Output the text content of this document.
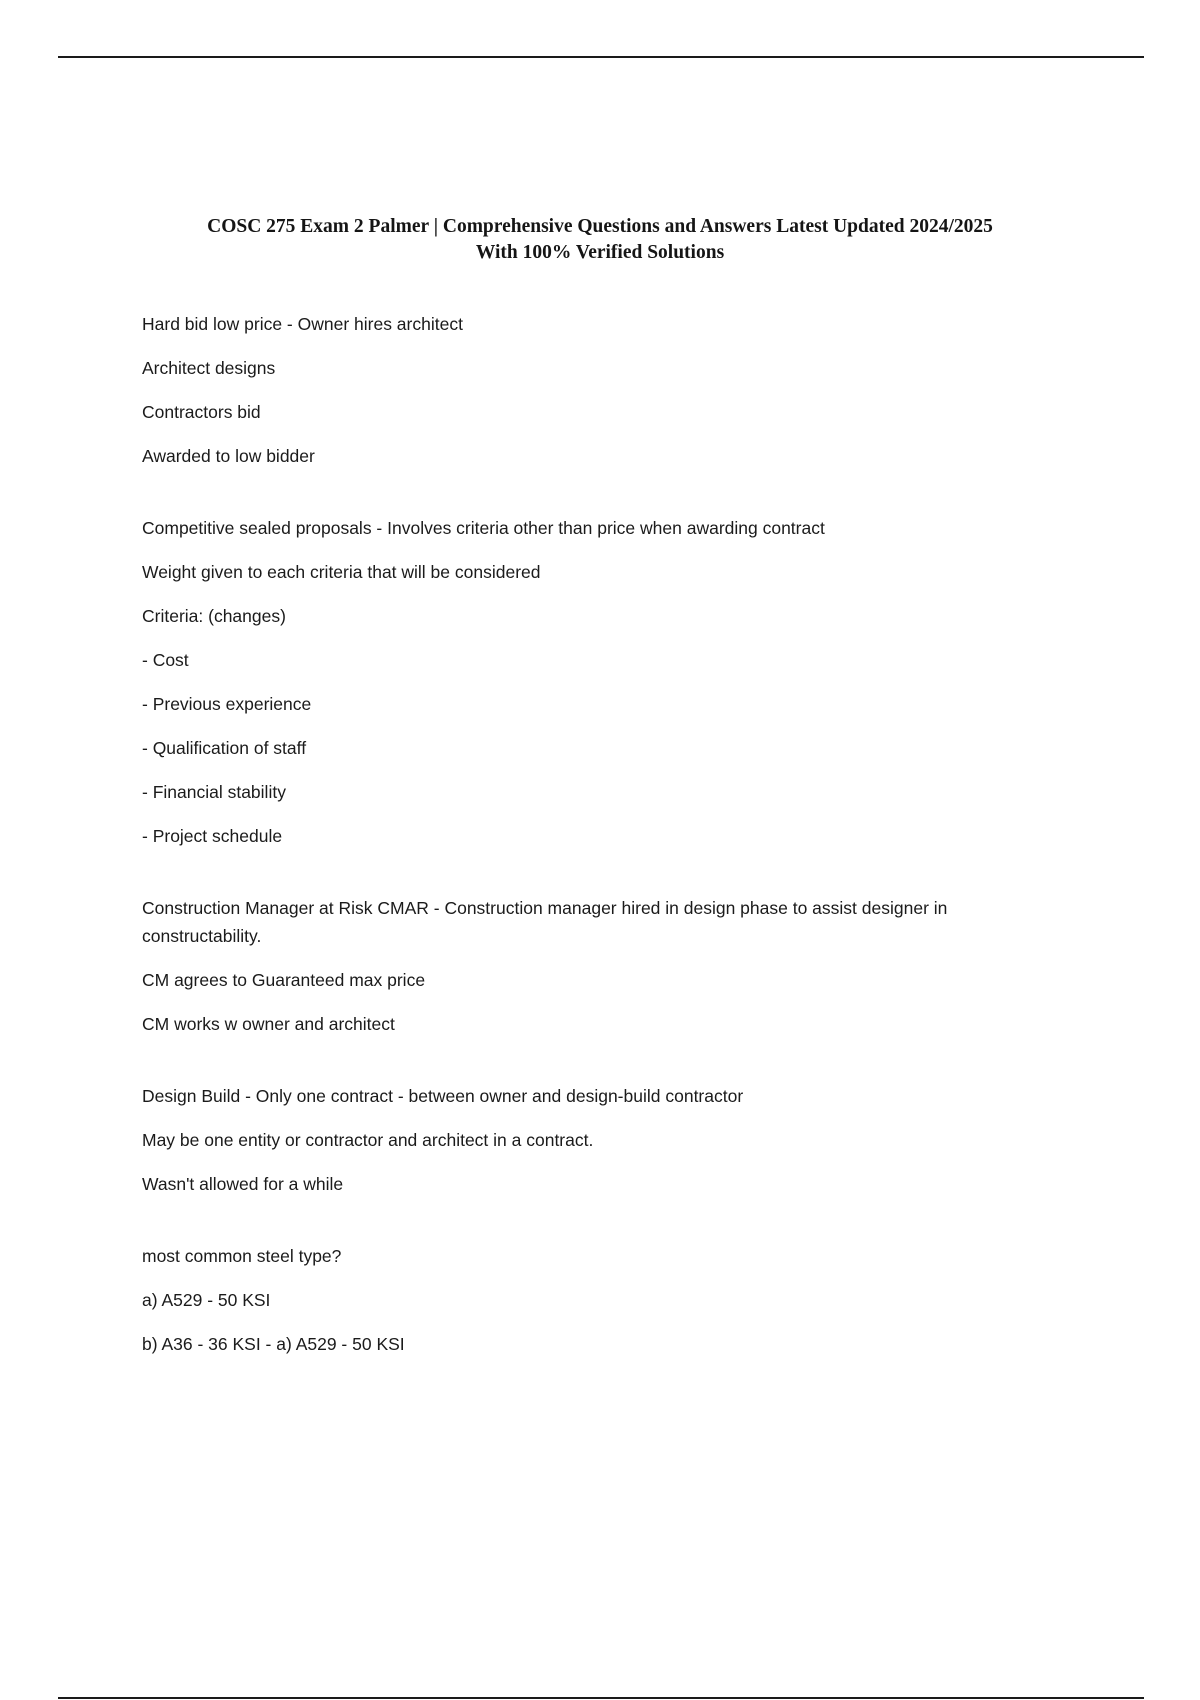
COSC 275 Exam 2 Palmer | Comprehensive Questions and Answers Latest Updated 2024/2025
With 100% Verified Solutions
Hard bid low price - Owner hires architect
Architect designs
Contractors bid
Awarded to low bidder
Competitive sealed proposals - Involves criteria other than price when awarding contract
Weight given to each criteria that will be considered
Criteria: (changes)
- Cost
- Previous experience
- Qualification of staff
- Financial stability
- Project schedule
Construction Manager at Risk CMAR - Construction manager hired in design phase to assist designer in constructability.
CM agrees to Guaranteed max price
CM works w owner and architect
Design Build - Only one contract - between owner and design-build contractor
May be one entity or contractor and architect in a contract.
Wasn't allowed for a while
most common steel type?
a) A529 - 50 KSI
b) A36 - 36 KSI - a) A529 - 50 KSI
